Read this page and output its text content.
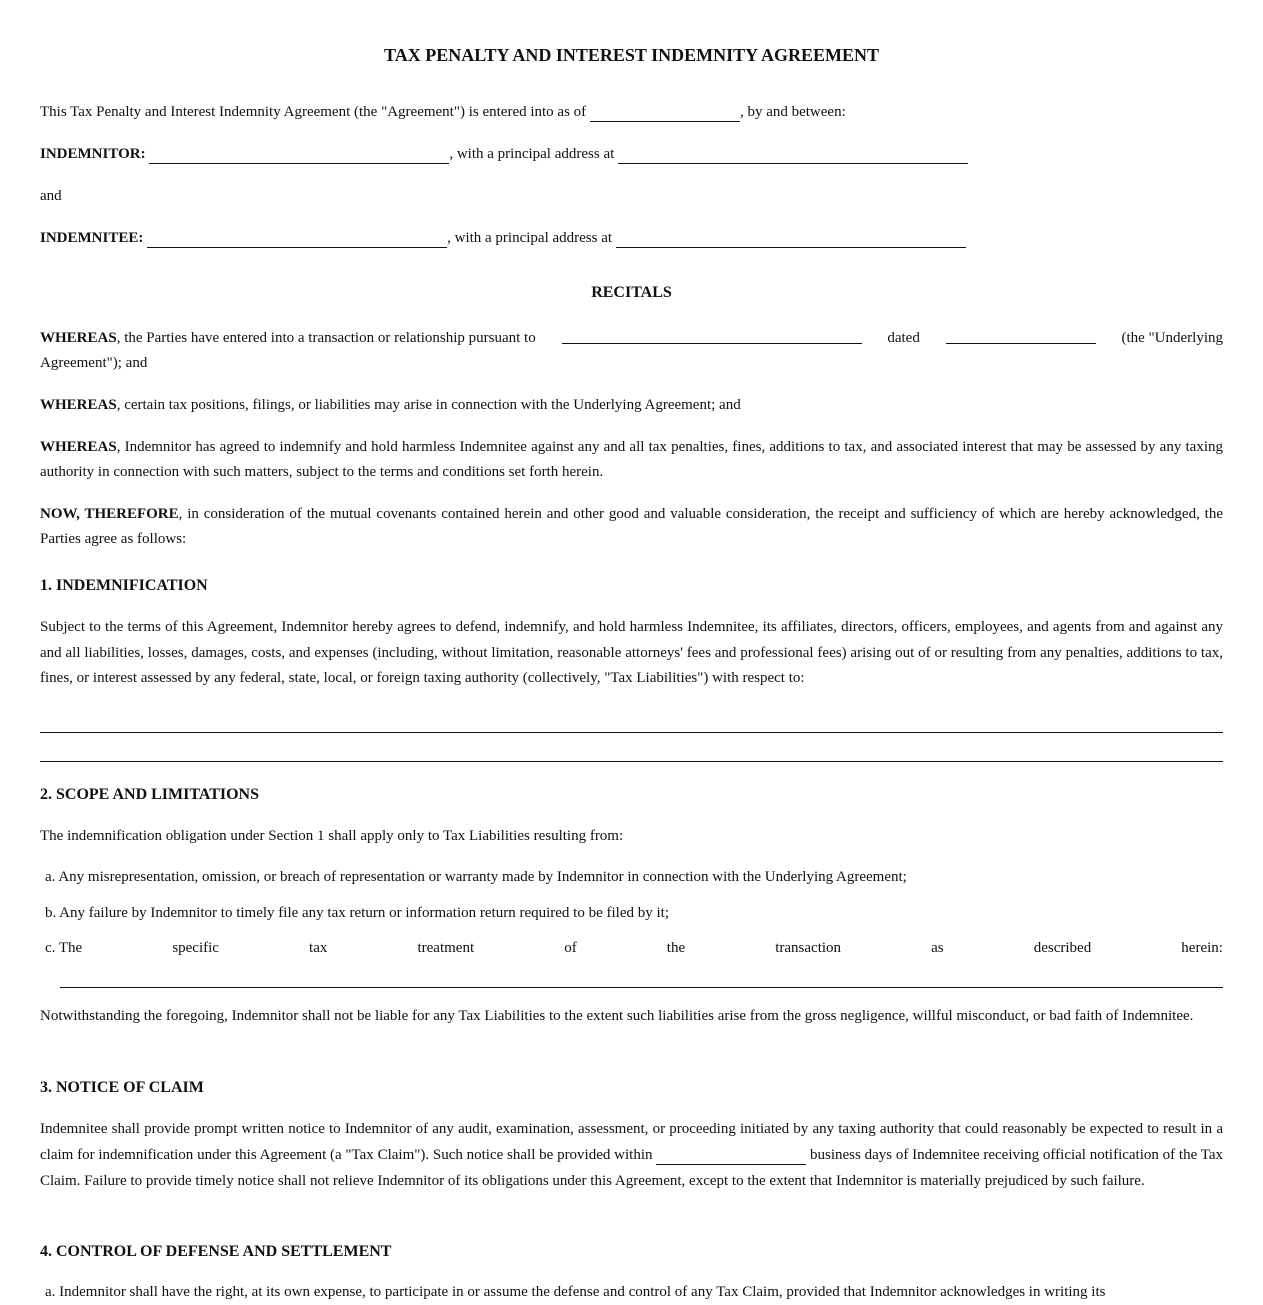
TAX PENALTY AND INTEREST INDEMNITY AGREEMENT
This Tax Penalty and Interest Indemnity Agreement (the "Agreement") is entered into as of	, by and between:
INDEMNITOR:	, with a principal address at
and
INDEMNITEE:	, with a principal address at
RECITALS
WHEREAS, the Parties have entered into a transaction or relationship pursuant to	dated	(the "Underlying
Agreement"); and
WHEREAS, certain tax positions, filings, or liabilities may arise in connection with the Underlying Agreement; and
WHEREAS, Indemnitor has agreed to indemnify and hold harmless Indemnitee against any and all tax penalties, fines, additions to tax, and associated interest that may be assessed by any taxing authority in connection with such matters, subject to the terms and conditions set forth herein.
NOW, THEREFORE, in consideration of the mutual covenants contained herein and other good and valuable consideration, the receipt and sufficiency of which are hereby acknowledged, the Parties agree as follows:
1. INDEMNIFICATION
Subject to the terms of this Agreement, Indemnitor hereby agrees to defend, indemnify, and hold harmless Indemnitee, its affiliates, directors, officers, employees, and agents from and against any and all liabilities, losses, damages, costs, and expenses (including, without limitation, reasonable attorneys' fees and professional fees) arising out of or resulting from any penalties, additions to tax, fines, or interest assessed by any federal, state, local, or foreign taxing authority (collectively, "Tax Liabilities") with respect to:
2. SCOPE AND LIMITATIONS
The indemnification obligation under Section 1 shall apply only to Tax Liabilities resulting from:
a. Any misrepresentation, omission, or breach of representation or warranty made by Indemnitor in connection with the Underlying Agreement;
b. Any failure by Indemnitor to timely file any tax return or information return required to be filed by it;
c. The	specific	tax	treatment	of	the	transaction	as	described	herein:
Notwithstanding the foregoing, Indemnitor shall not be liable for any Tax Liabilities to the extent such liabilities arise from the gross negligence, willful misconduct, or bad faith of Indemnitee.
3. NOTICE OF CLAIM
Indemnitee shall provide prompt written notice to Indemnitor of any audit, examination, assessment, or proceeding initiated by any taxing authority that could reasonably be expected to result in a claim for indemnification under this Agreement (a "Tax Claim"). Such notice shall be provided within	business days of Indemnitee receiving official notification of the Tax Claim. Failure to provide timely notice shall not relieve Indemnitor of its obligations under this Agreement, except to the extent that Indemnitor is materially prejudiced by such failure.
4. CONTROL OF DEFENSE AND SETTLEMENT
a. Indemnitor shall have the right, at its own expense, to participate in or assume the defense and control of any Tax Claim, provided that Indemnitor acknowledges in writing its
